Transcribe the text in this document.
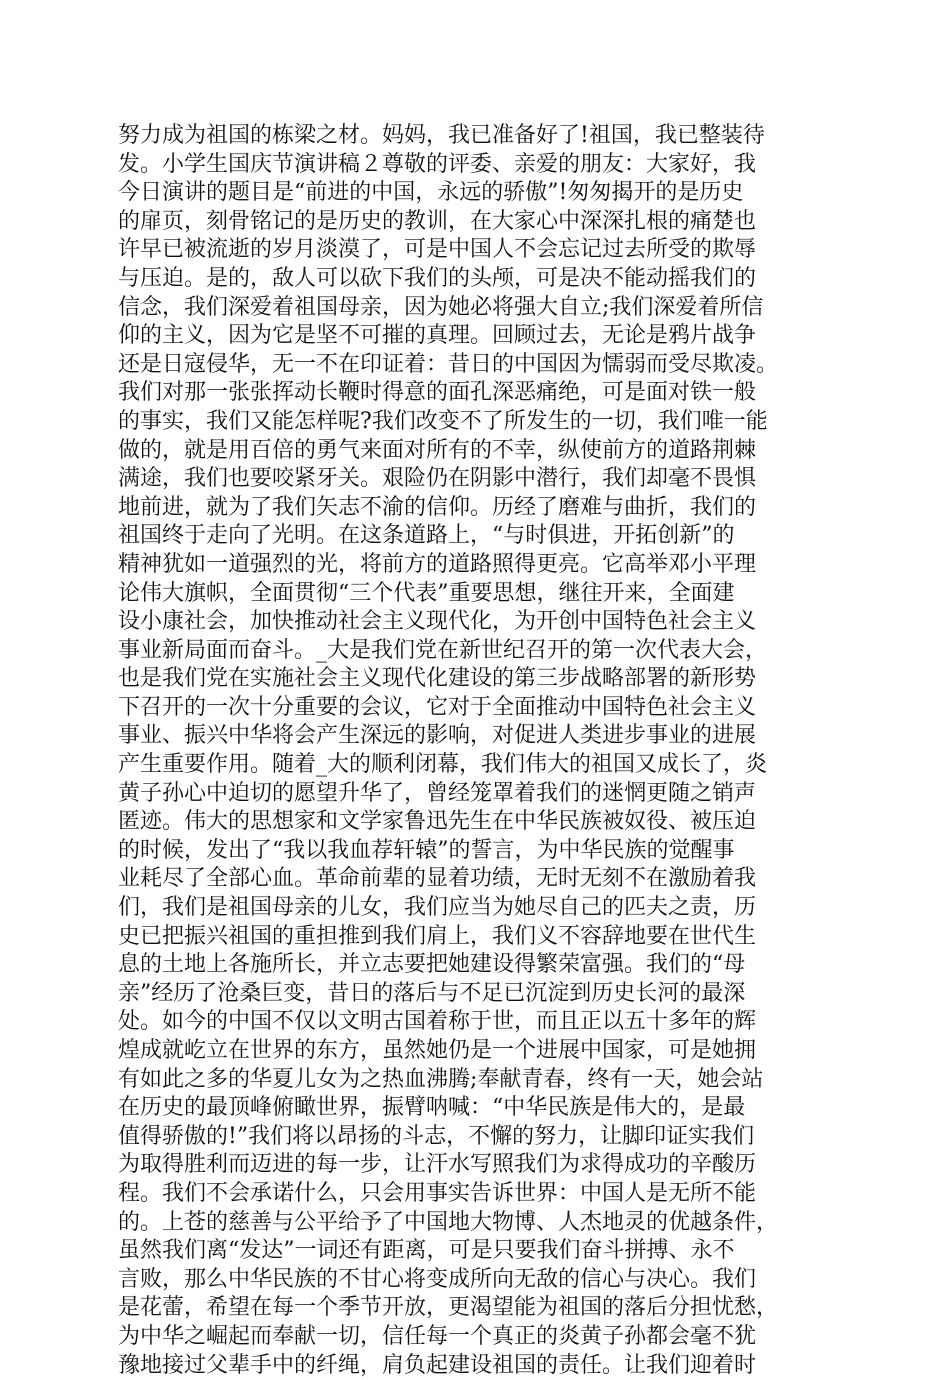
努力成为祖国的栋梁之材。妈妈，我已准备好了!祖国，我已整装待
发。小学生国庆节演讲稿２尊敬的评委、亲爱的朋友：大家好，我
今日演讲的题目是“前进的中国，永远的骄傲”!匆匆揭开的是历史
的扉页，刻骨铭记的是历史的教训，在大家心中深深扎根的痛楚也
许早已被流逝的岁月淡漠了，可是中国人不会忘记过去所受的欺辱
与压迫。是的，敌人可以砍下我们的头颅，可是决不能动摇我们的
信念，我们深爱着祖国母亲，因为她必将强大自立;我们深爱着所信
仰的主义，因为它是坚不可摧的真理。回顾过去，无论是鸦片战争
还是日寇侵华，无一不在印证着：昔日的中国因为懦弱而受尽欺凌。
我们对那一张张挥动长鞭时得意的面孔深恶痛绝，可是面对铁一般
的事实，我们又能怎样呢?我们改变不了所发生的一切，我们唯一能
做的，就是用百倍的勇气来面对所有的不幸，纵使前方的道路荆棘
满途，我们也要咬紧牙关。艰险仍在阴影中潜行，我们却毫不畏惧
地前进，就为了我们矢志不渝的信仰。历经了磨难与曲折，我们的
祖国终于走向了光明。在这条道路上，“与时俱进，开拓创新”的
精神犹如一道强烈的光，将前方的道路照得更亮。它高举邓小平理
论伟大旗帜，全面贯彻“三个代表”重要思想，继往开来，全面建
设小康社会，加快推动社会主义现代化，为开创中国特色社会主义
事业新局面而奋斗。_大是我们党在新世纪召开的第一次代表大会，
也是我们党在实施社会主义现代化建设的第三步战略部署的新形势
下召开的一次十分重要的会议，它对于全面推动中国特色社会主义
事业、振兴中华将会产生深远的影响，对促进人类进步事业的进展
产生重要作用。随着_大的顺利闭幕，我们伟大的祖国又成长了，炎
黄子孙心中迫切的愿望升华了，曾经笼罩着我们的迷惘更随之销声
匿迹。伟大的思想家和文学家鲁迅先生在中华民族被奴役、被压迫
的时候，发出了“我以我血荐轩辕”的誓言，为中华民族的觉醒事
业耗尽了全部心血。革命前辈的显着功绩，无时无刻不在激励着我
们，我们是祖国母亲的儿女，我们应当为她尽自己的匹夫之责，历
史已把振兴祖国的重担推到我们肩上，我们义不容辞地要在世代生
息的土地上各施所长，并立志要把她建设得繁荣富强。我们的“母
亲”经历了沧桑巨变，昔日的落后与不足已沉淀到历史长河的最深
处。如今的中国不仅以文明古国着称于世，而且正以五十多年的辉
煌成就屹立在世界的东方，虽然她仍是一个进展中国家，可是她拥
有如此之多的华夏儿女为之热血沸腾;奉献青春，终有一天，她会站
在历史的最顶峰俯瞰世界，振臂呐喊：“中华民族是伟大的，是最
值得骄傲的!”我们将以昂扬的斗志，不懈的努力，让脚印证实我们
为取得胜利而迈进的每一步，让汗水写照我们为求得成功的辛酸历
程。我们不会承诺什么，只会用事实告诉世界：中国人是无所不能
的。上苍的慈善与公平给予了中国地大物博、人杰地灵的优越条件，
虽然我们离“发达”一词还有距离，可是只要我们奋斗拼搏、永不
言败，那么中华民族的不甘心将变成所向无敌的信心与决心。我们
是花蕾，希望在每一个季节开放，更渴望能为祖国的落后分担忧愁，
为中华之崛起而奉献一切，信任每一个真正的炎黄子孙都会毫不犹
豫地接过父辈手中的纤绳，肩负起建设祖国的责任。让我们迎着时
